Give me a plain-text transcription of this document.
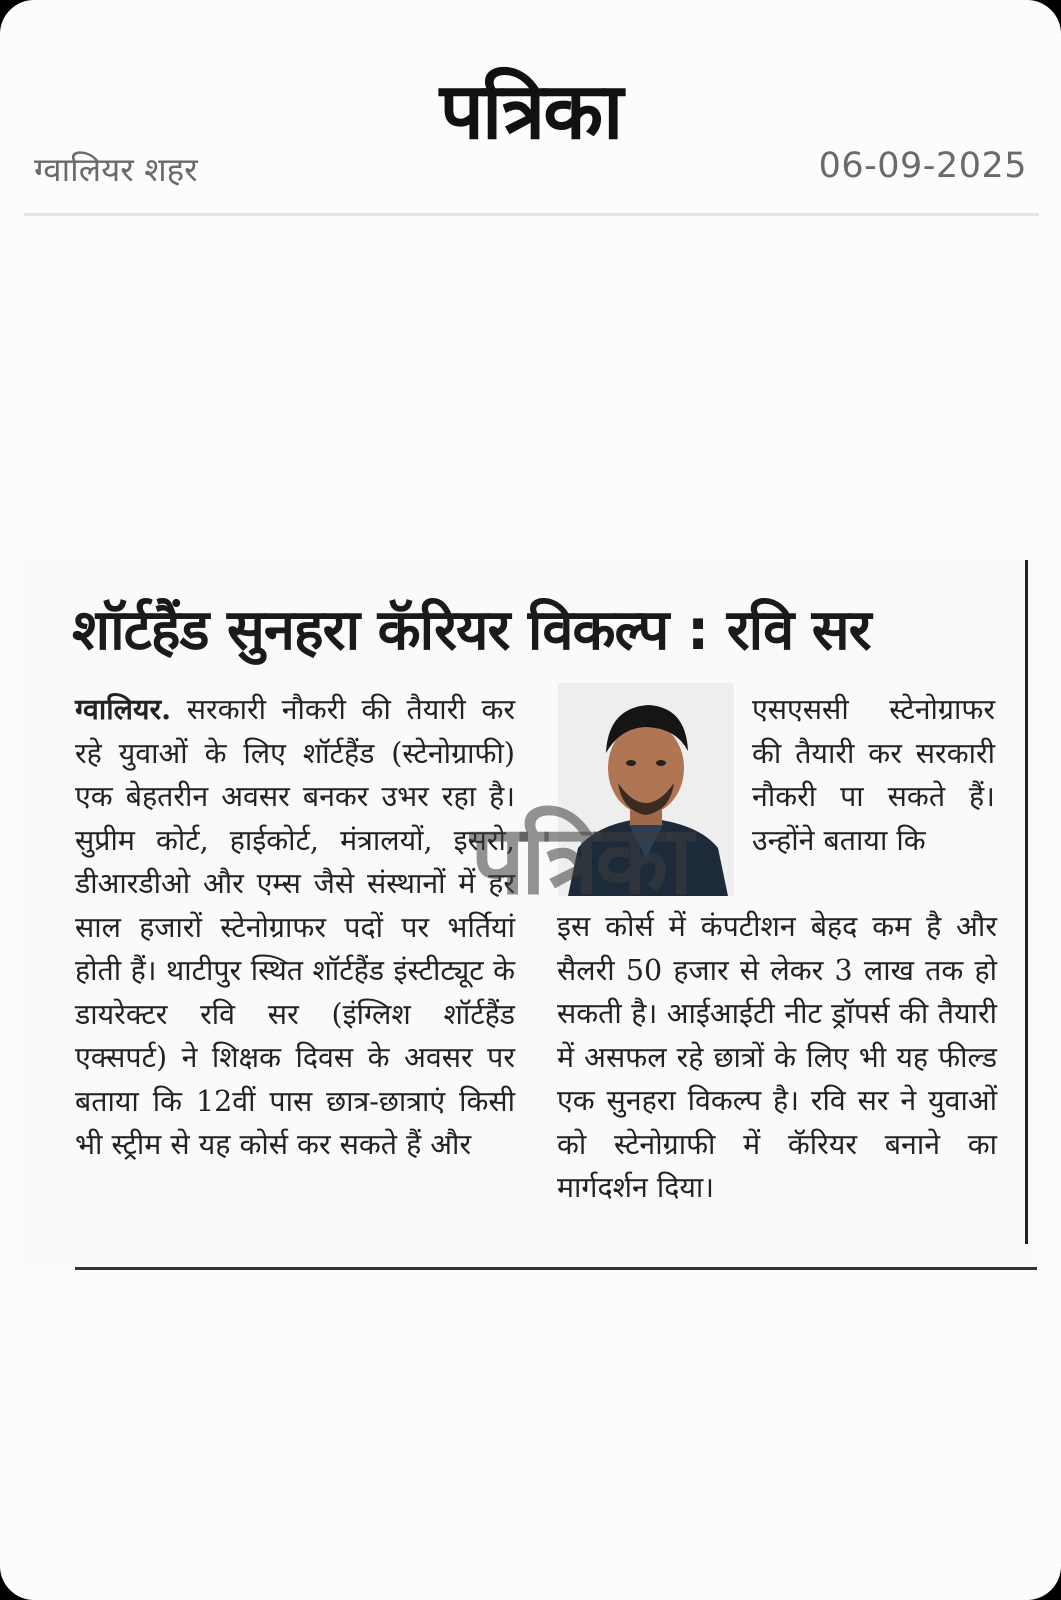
पत्रिका
ग्वालियर शहर	06-09-2025
शॉर्टहैंड सुनहरा कॅरियर विकल्प : रवि सर
ग्वालियर. सरकारी नौकरी की तैयारी कर रहे युवाओं के लिए शॉर्टहैंड (स्टेनोग्राफी) एक बेहतरीन अवसर बनकर उभर रहा है। सुप्रीम कोर्ट, हाईकोर्ट, मंत्रालयों, इसरो, डीआरडीओ और एम्स जैसे संस्थानों में हर साल हजारों स्टेनोग्राफर पदों पर भर्तियां होती हैं। थाटीपुर स्थित शॉर्टहैंड इंस्टीट्यूट के डायरेक्टर रवि सर (इंग्लिश शॉर्टहैंड एक्सपर्ट) ने शिक्षक दिवस के अवसर पर बताया कि 12वीं पास छात्र-छात्राएं किसी भी स्ट्रीम से यह कोर्स कर सकते हैं और
एसएससी स्टेनोग्राफर की तैयारी कर सरकारी नौकरी पा सकते हैं। उन्होंने बताया कि
इस कोर्स में कंपटीशन बेहद कम है और सैलरी 50 हजार से लेकर 3 लाख तक हो सकती है। आईआईटी नीट ड्रॉपर्स की तैयारी में असफल रहे छात्रों के लिए भी यह फील्ड एक सुनहरा विकल्प है। रवि सर ने युवाओं को स्टेनोग्राफी में कॅरियर बनाने का मार्गदर्शन दिया।
पत्रिका
